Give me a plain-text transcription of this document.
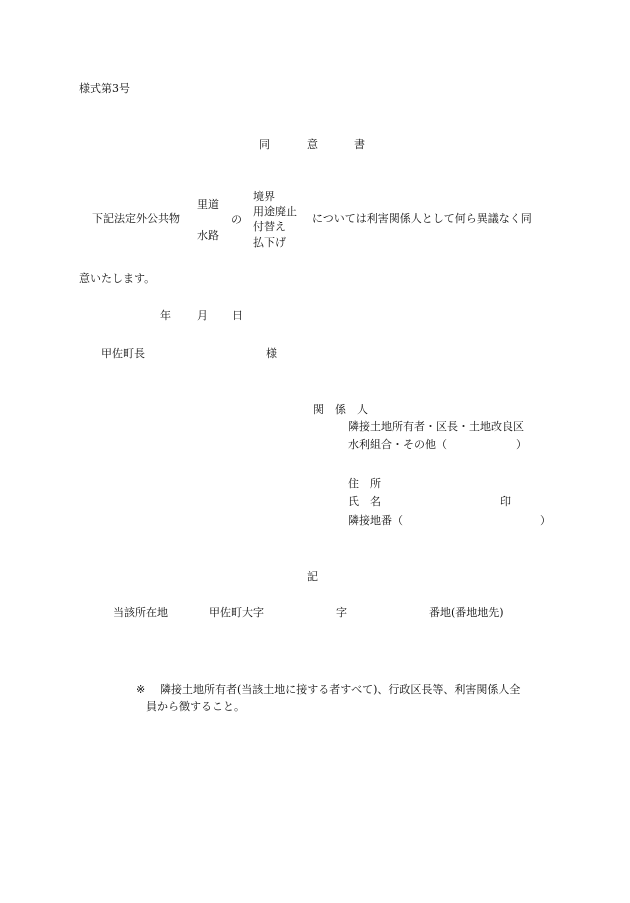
様式第3号
同	意	書
下記法定外公共物
里道
水路
の
境界
用途廃止
付替え
払下げ
については利害関係人として何ら異議なく同
意いたします。
年 月 日
甲佐町長	様
関　係　人
隣接土地所有者・区長・土地改良区
水利組合・その他（	）
住　所
氏　名	印
隣接地番（	）
記
当該所在地	甲佐町大字	字	番地(番地地先)
※ 隣接土地所有者(当該土地に接する者すべて)、行政区長等、利害関係人全
員から徴すること。
